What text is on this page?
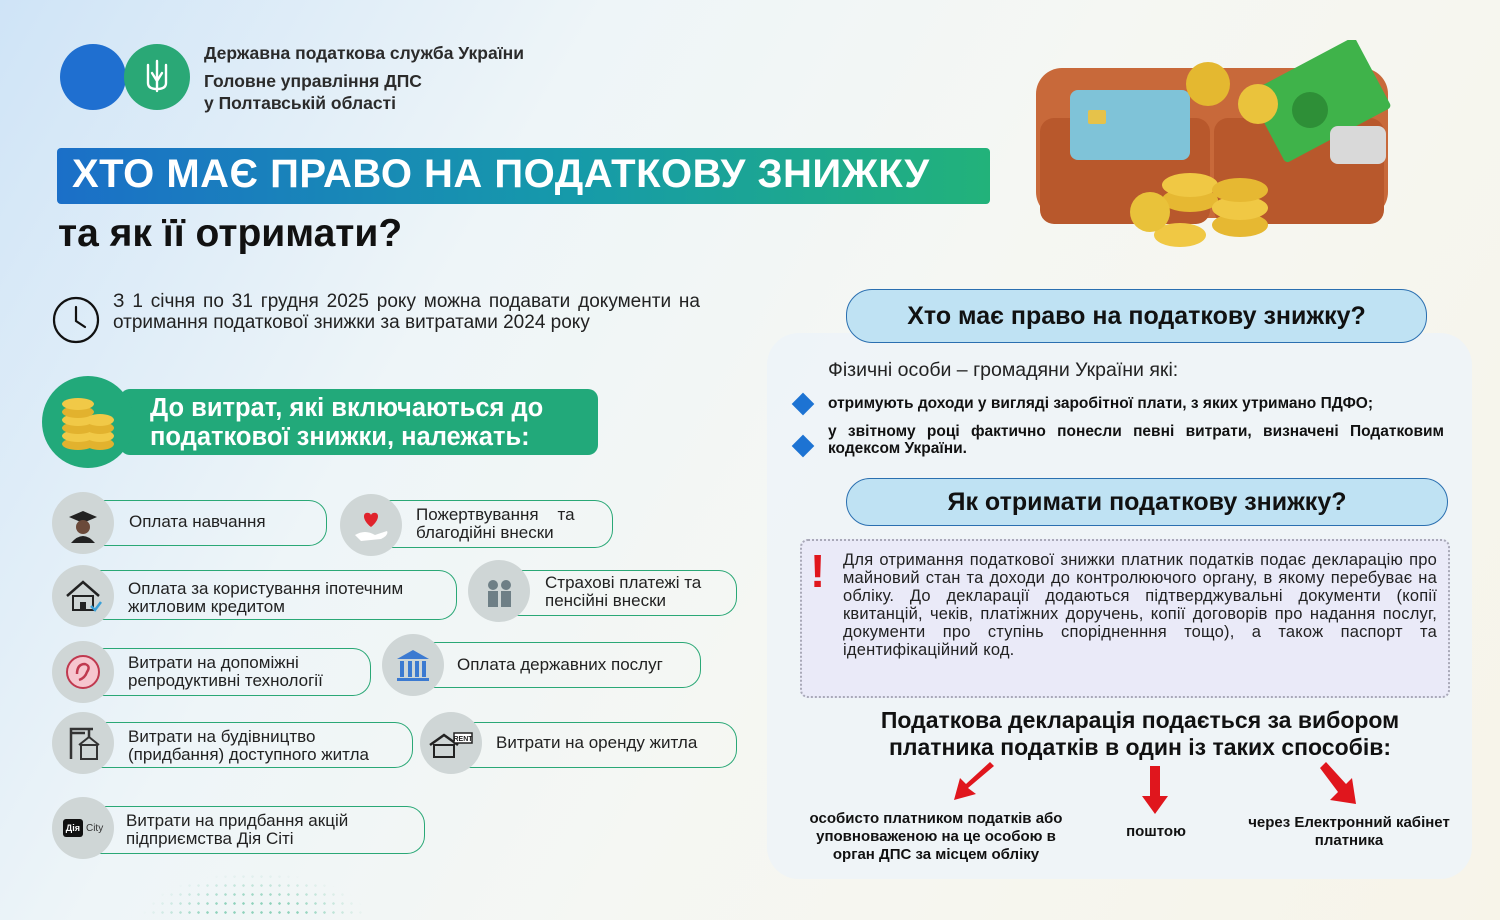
Державна податкова служба України
Головне управління ДПС
у Полтавській області
ХТО МАЄ ПРАВО НА ПОДАТКОВУ ЗНИЖКУ
та як її отримати?
З 1 січня по 31 грудня 2025 року можна подавати документи на отримання податкової знижки за витратами 2024 року
До витрат, які включаються до
податкової знижки, належать:
Оплата навчання	Пожертвування    та
благодійні внески
Оплата за користування іпотечним
житловим кредитом
Страхові платежі та
пенсійні внески
Витрати на допоміжні
репродуктивні технології
Оплата державних послуг
Витрати на будівництво
(придбання) доступного житла
RENT Витрати на оренду житла
Дія City Витрати на придбання акцій
підприємства Дія Сіті
Хто має право на податкову знижку?
Фізичні особи – громадяни України які:
отримують доходи у вигляді заробітної плати, з яких утримано ПДФО;
у звітному році фактично понесли певні витрати, визначені Податковим кодексом України.
Як отримати податкову знижку?
! Для отримання податкової знижки платник податків подає декларацію про майновий стан та доходи до контролюючого органу, в якому перебуває на обліку. До декларації додаються підтверджувальні документи (копії квитанцій, чеків, платіжних доручень, копії договорів про надання послуг, документи про ступінь спорідненння тощо), а також паспорт та ідентифікаційний код.
Податкова декларація подається за вибором
платника податків в один із таких способів:
особисто платником податків або уповноваженою на це особою в орган ДПС за місцем обліку
поштою
через Електронний кабінет платника
